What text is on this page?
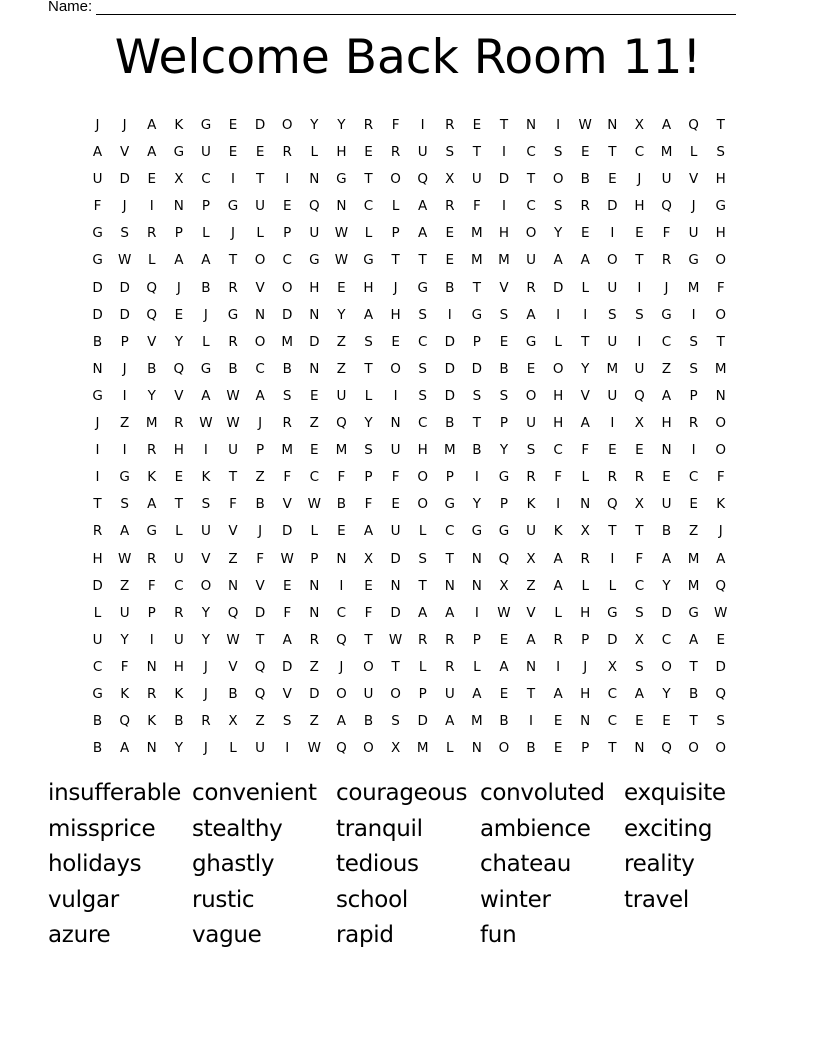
Name:
Welcome Back Room 11!
J	J	A	K	G	E	D	O	Y	Y	R	F	I	R	E	T	N	I	W	N	X	A	Q	T
A	V	A	G	U	E	E	R	L	H	E	R	U	S	T	I	C	S	E	T	C	M	L	S
U	D	E	X	C	I	T	I	N	G	T	O	Q	X	U	D	T	O	B	E	J	U	V	H
F	J	I	N	P	G	U	E	Q	N	C	L	A	R	F	I	C	S	R	D	H	Q	J	G
G	S	R	P	L	J	L	P	U	W	L	P	A	E	M	H	O	Y	E	I	E	F	U	H
G	W	L	A	A	T	O	C	G	W	G	T	T	E	M	M	U	A	A	O	T	R	G	O
D	D	Q	J	B	R	V	O	H	E	H	J	G	B	T	V	R	D	L	U	I	J	M	F
D	D	Q	E	J	G	N	D	N	Y	A	H	S	I	G	S	A	I	I	S	S	G	I	O
B	P	V	Y	L	R	O	M	D	Z	S	E	C	D	P	E	G	L	T	U	I	C	S	T
N	J	B	Q	G	B	C	B	N	Z	T	O	S	D	D	B	E	O	Y	M	U	Z	S	M
G	I	Y	V	A	W	A	S	E	U	L	I	S	D	S	S	O	H	V	U	Q	A	P	N
J	Z	M	R	W	W	J	R	Z	Q	Y	N	C	B	T	P	U	H	A	I	X	H	R	O
I	I	R	H	I	U	P	M	E	M	S	U	H	M	B	Y	S	C	F	E	E	N	I	O
I	G	K	E	K	T	Z	F	C	F	P	F	O	P	I	G	R	F	L	R	R	E	C	F
T	S	A	T	S	F	B	V	W	B	F	E	O	G	Y	P	K	I	N	Q	X	U	E	K
R	A	G	L	U	V	J	D	L	E	A	U	L	C	G	G	U	K	X	T	T	B	Z	J
H	W	R	U	V	Z	F	W	P	N	X	D	S	T	N	Q	X	A	R	I	F	A	M	A
D	Z	F	C	O	N	V	E	N	I	E	N	T	N	N	X	Z	A	L	L	C	Y	M	Q
L	U	P	R	Y	Q	D	F	N	C	F	D	A	A	I	W	V	L	H	G	S	D	G	W
U	Y	I	U	Y	W	T	A	R	Q	T	W	R	R	P	E	A	R	P	D	X	C	A	E
C	F	N	H	J	V	Q	D	Z	J	O	T	L	R	L	A	N	I	J	X	S	O	T	D
G	K	R	K	J	B	Q	V	D	O	U	O	P	U	A	E	T	A	H	C	A	Y	B	Q
B	Q	K	B	R	X	Z	S	Z	A	B	S	D	A	M	B	I	E	N	C	E	E	T	S
B	A	N	Y	J	L	U	I	W	Q	O	X	M	L	N	O	B	E	P	T	N	Q	O	O
insufferable convenient courageous convoluted exquisite
missprice	stealthy	tranquil	ambience	exciting
holidays	ghastly	tedious	chateau	reality
vulgar	rustic	school	winter	travel
azure	vague	rapid	fun
